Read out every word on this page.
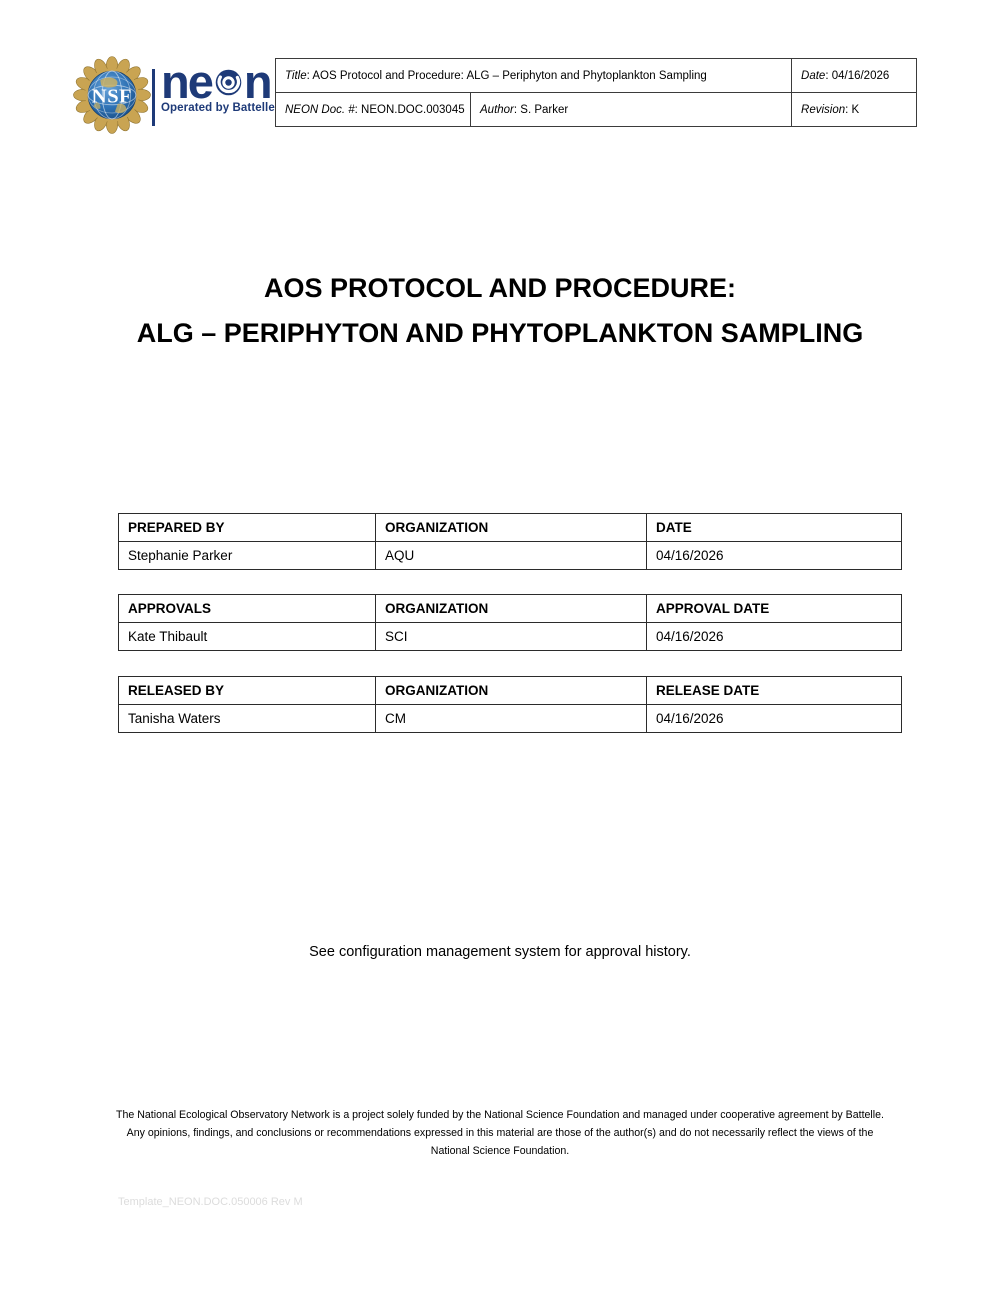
NSF ne n
Operated by Battelle
Title: AOS Protocol and Procedure: ALG – Periphyton and Phytoplankton Sampling		Date: 04/16/2026
NEON Doc. #: NEON.DOC.003045	Author: S. Parker	Revision: K
AOS PROTOCOL AND PROCEDURE:
ALG – PERIPHYTON AND PHYTOPLANKTON SAMPLING
PREPARED BY	ORGANIZATION	DATE
Stephanie Parker	AQU	04/16/2026
APPROVALS	ORGANIZATION	APPROVAL DATE
Kate Thibault	SCI	04/16/2026
RELEASED BY	ORGANIZATION	RELEASE DATE
Tanisha Waters	CM	04/16/2026
See configuration management system for approval history.
The National Ecological Observatory Network is a project solely funded by the National Science Foundation and managed under cooperative agreement by Battelle.
Any opinions, findings, and conclusions or recommendations expressed in this material are those of the author(s) and do not necessarily reflect the views of the
National Science Foundation.
Template_NEON.DOC.050006 Rev M
